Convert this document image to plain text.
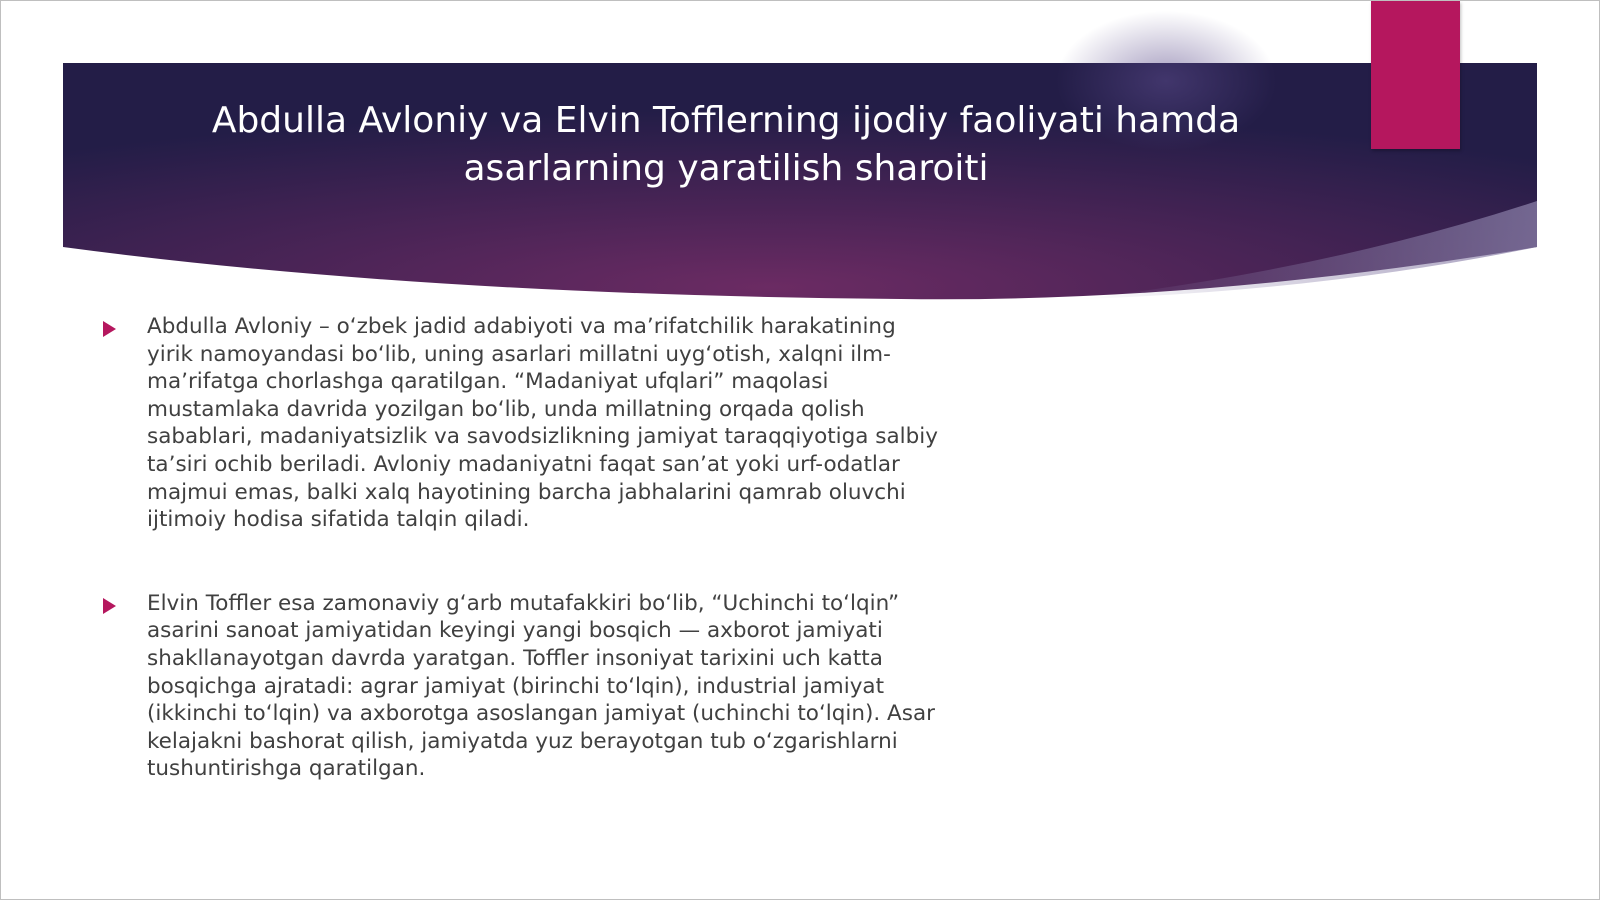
Abdulla Avloniy va Elvin Tofflerning ijodiy faoliyati hamda asarlarning yaratilish sharoiti
Abdulla Avloniy – oʻzbek jadid adabiyoti va maʼrifatchilik harakatining yirik namoyandasi boʻlib, uning asarlari millatni uygʻotish, xalqni ilm-maʼrifatga chorlashga qaratilgan. “Madaniyat ufqlari” maqolasi mustamlaka davrida yozilgan boʻlib, unda millatning orqada qolish sabablari, madaniyatsizlik va savodsizlikning jamiyat taraqqiyotiga salbiy taʼsiri ochib beriladi. Avloniy madaniyatni faqat sanʼat yoki urf-odatlar majmui emas, balki xalq hayotining barcha jabhalarini qamrab oluvchi ijtimoiy hodisa sifatida talqin qiladi.
Elvin Toffler esa zamonaviy gʻarb mutafakkiri boʻlib, “Uchinchi toʻlqin” asarini sanoat jamiyatidan keyingi yangi bosqich — axborot jamiyati shakllanayotgan davrda yaratgan. Toffler insoniyat tarixini uch katta bosqichga ajratadi: agrar jamiyat (birinchi toʻlqin), industrial jamiyat (ikkinchi toʻlqin) va axborotga asoslangan jamiyat (uchinchi toʻlqin). Asar kelajakni bashorat qilish, jamiyatda yuz berayotgan tub oʻzgarishlarni tushuntirishga qaratilgan.
